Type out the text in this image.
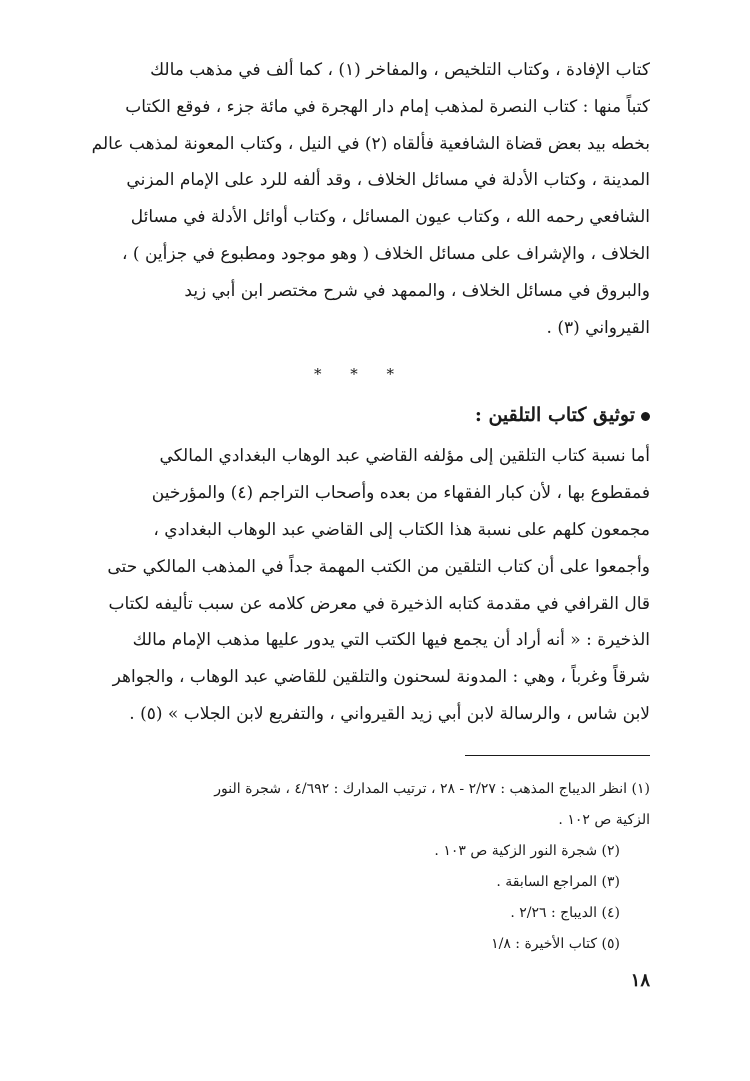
كتاب الإفادة ، وكتاب التلخيص ، والمفاخر (١) ، كما ألف في مذهب مالك
كتباً منها : كتاب النصرة لمذهب إمام دار الهجرة في مائة جزء ، فوقع الكتاب
بخطه بيد بعض قضاة الشافعية فألقاه (٢) في النيل ، وكتاب المعونة لمذهب عالم
المدينة ، وكتاب الأدلة في مسائل الخلاف ، وقد ألفه للرد على الإمام المزني
الشافعي رحمه الله ، وكتاب عيون المسائل ، وكتاب أوائل الأدلة في مسائل
الخلاف ، والإشراف على مسائل الخلاف ( وهو موجود ومطبوع في جزأين ) ،
والبروق في مسائل الخلاف ، والممهد في شرح مختصر ابن أبي زيد
القيرواني (٣) .

* * *
توثيق كتاب التلقين :

أما نسبة كتاب التلقين إلى مؤلفه القاضي عبد الوهاب البغدادي المالكي
فمقطوع بها ، لأن كبار الفقهاء من بعده وأصحاب التراجم (٤) والمؤرخين
مجمعون كلهم على نسبة هذا الكتاب إلى القاضي عبد الوهاب البغدادي ،
وأجمعوا على أن كتاب التلقين من الكتب المهمة جداً في المذهب المالكي حتى
قال القرافي في مقدمة كتابه الذخيرة في معرض كلامه عن سبب تأليفه لكتاب
الذخيرة : « أنه أراد أن يجمع فيها الكتب التي يدور عليها مذهب الإمام مالك
شرقاً وغرباً ، وهي : المدونة لسحنون والتلقين للقاضي عبد الوهاب ، والجواهر
لابن شاس ، والرسالة لابن أبي زيد القيرواني ، والتفريع لابن الجلاب » (٥) .

(١) انظر الديباج المذهب : ٢/٢٧ - ٢٨ ، ترتيب المدارك : ٤/٦٩٢ ، شجرة النور
الزكية ص ١٠٢ .
(٢) شجرة النور الزكية ص ١٠٣ .
(٣) المراجع السابقة .
(٤) الديباج : ٢/٢٦ .
(٥) كتاب الأخيرة : ١/٨
١٨
